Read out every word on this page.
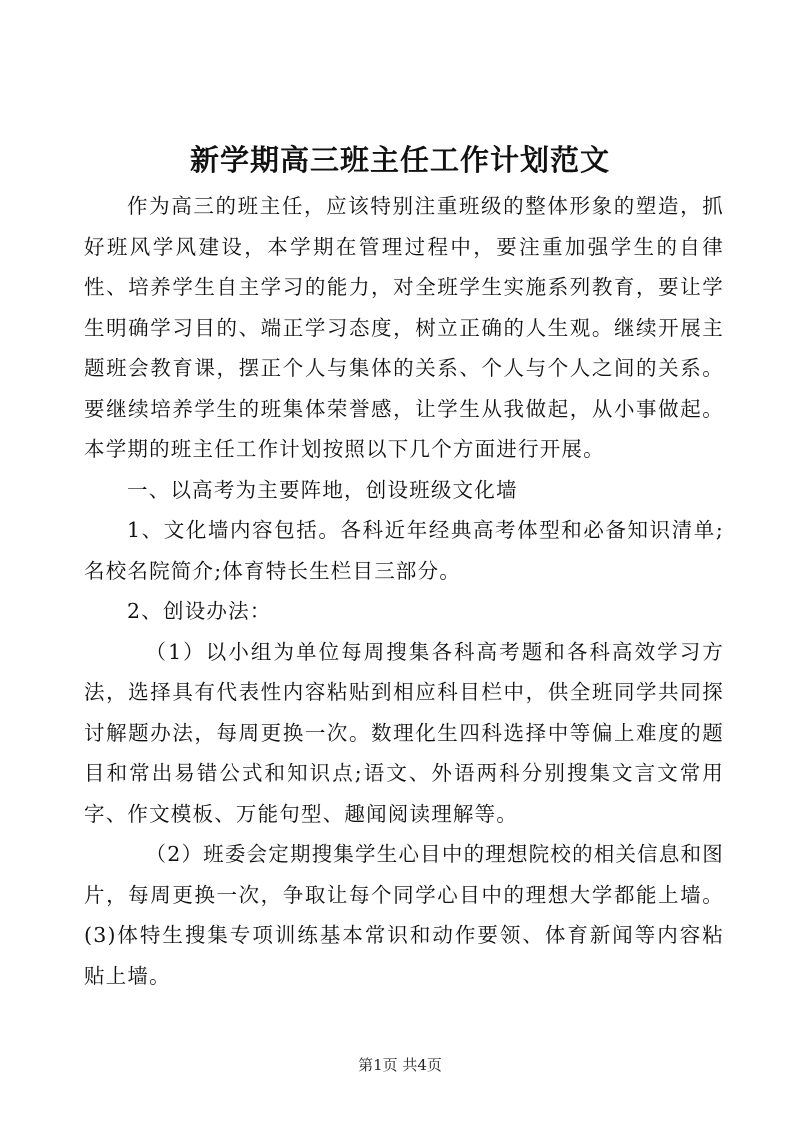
新学期高三班主任工作计划范文

作为高三的班主任，应该特别注重班级的整体形象的塑造，抓好班风学风建设，本学期在管理过程中，要注重加强学生的自律性、培养学生自主学习的能力，对全班学生实施系列教育，要让学生明确学习目的、端正学习态度，树立正确的人生观。继续开展主题班会教育课，摆正个人与集体的关系、个人与个人之间的关系。要继续培养学生的班集体荣誉感，让学生从我做起，从小事做起。本学期的班主任工作计划按照以下几个方面进行开展。

一、以高考为主要阵地，创设班级文化墙

1、文化墙内容包括。各科近年经典高考体型和必备知识清单;名校名院简介;体育特长生栏目三部分。

2、创设办法：

（1）以小组为单位每周搜集各科高考题和各科高效学习方法，选择具有代表性内容粘贴到相应科目栏中，供全班同学共同探讨解题办法，每周更换一次。数理化生四科选择中等偏上难度的题目和常出易错公式和知识点;语文、外语两科分别搜集文言文常用字、作文模板、万能句型、趣闻阅读理解等。

（2）班委会定期搜集学生心目中的理想院校的相关信息和图片，每周更换一次，争取让每个同学心目中的理想大学都能上墙。(3)体特生搜集专项训练基本常识和动作要领、体育新闻等内容粘贴上墙。

第1页 共4页
